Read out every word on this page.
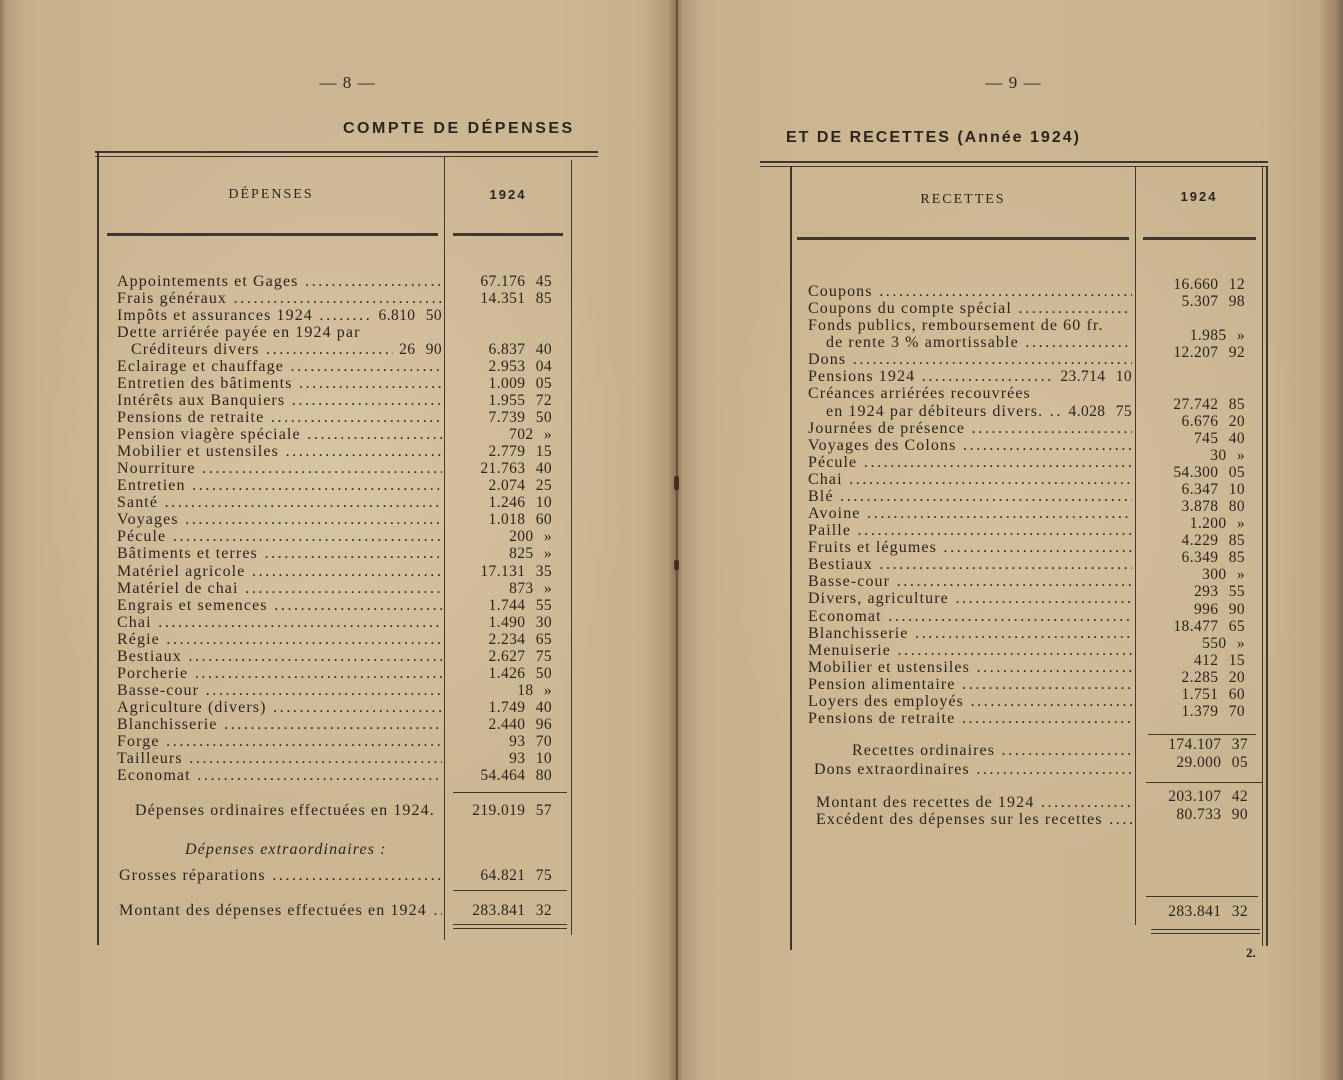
— 8 —
COMPTE DE DÉPENSES
DÉPENSES	1924
Appointements et Gages .....	67.176 45
Frais généraux .....	14.351 85
Impôts et assurances 1924 .....	6.810 50
Dette arriérée payée en 1924 par
Créditeurs divers .....	26 90	6.837 40
Eclairage et chauffage .....	2.953 04
Entretien des bâtiments .....	1.009 05
Intérêts aux Banquiers .....	1.955 72
Pensions de retraite .....	7.739 50
Pension viagère spéciale .....	702 »
Mobilier et ustensiles .....	2.779 15
Nourriture .....	21.763 40
Entretien .....	2.074 25
Santé .....	1.246 10
Voyages .....	1.018 60
Pécule .....	200 »
Bâtiments et terres .....	825 »
Matériel agricole .....	17.131 35
Matériel de chai .....	873 »
Engrais et semences .....	1.744 55
Chai .....	1.490 30
Régie .....	2.234 65
Bestiaux .....	2.627 75
Porcherie .....	1.426 50
Basse-cour .....	18 »
Agriculture (divers) .....	1.749 40
Blanchisserie .....	2.440 96
Forge .....	93 70
Tailleurs .....	93 10
Economat .....	54.464 80
Dépenses ordinaires effectuées en 1924.	219.019 57
Dépenses extraordinaires :
Grosses réparations .....	64.821 75
Montant des dépenses effectuées en 1924 .....	283.841 32
— 9 —
ET DE RECETTES (Année 1924)
RECETTES	1924
Coupons .....	16.660 12
Coupons du compte spécial .....	5.307 98
Fonds publics, remboursement de 60 fr.
de rente 3 % amortissable .....	1.985 »
Dons .....	12.207 92
Pensions 1924 .....	23.714 10
Créances arriérées recouvrées
en 1924 par débiteurs divers. .....	4.028 75	27.742 85
Journées de présence .....	6.676 20
Voyages des Colons .....	745 40
Pécule .....	30 »
Chai .....	54.300 05
Blé .....	6.347 10
Avoine .....	3.878 80
Paille .....	1.200 »
Fruits et légumes .....	4.229 85
Bestiaux .....	6.349 85
Basse-cour .....	300 »
Divers, agriculture .....	293 55
Economat .....	996 90
Blanchisserie .....	18.477 65
Menuiserie .....	550 »
Mobilier et ustensiles .....	412 15
Pension alimentaire .....	2.285 20
Loyers des employés .....	1.751 60
Pensions de retraite .....	1.379 70
Recettes ordinaires .....	174.107 37
Dons extraordinaires .....	29.000 05
Montant des recettes de 1924 .....	203.107 42
Excédent des dépenses sur les recettes .....	80.733 90
283.841 32
2.
